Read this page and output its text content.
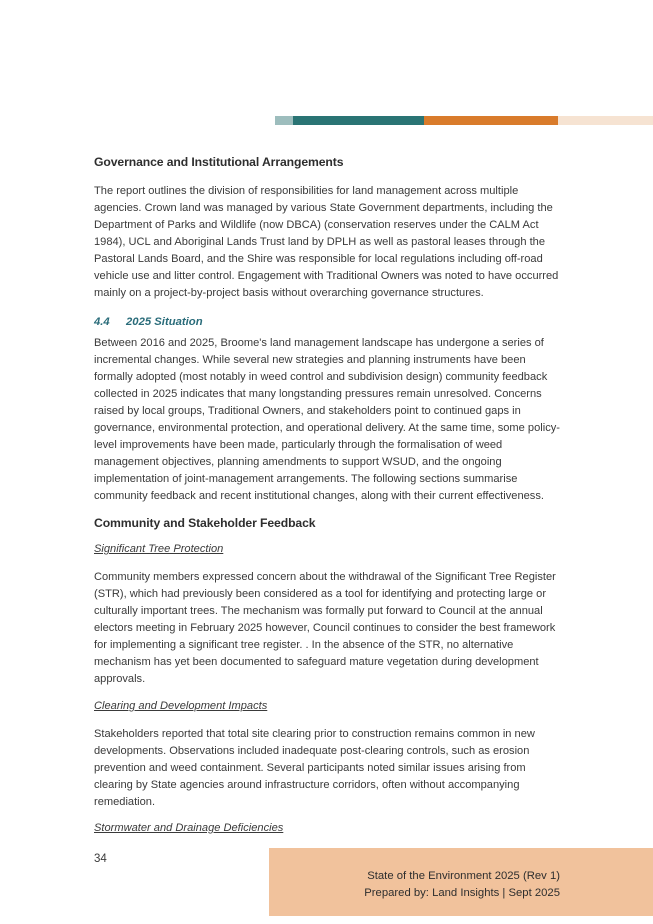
Governance and Institutional Arrangements

The report outlines the division of responsibilities for land management across multiple agencies. Crown land was managed by various State Government departments, including the Department of Parks and Wildlife (now DBCA) (conservation reserves under the CALM Act 1984), UCL and Aboriginal Lands Trust land by DPLH as well as pastoral leases through the Pastoral Lands Board, and the Shire was responsible for local regulations including off-road vehicle use and litter control. Engagement with Traditional Owners was noted to have occurred mainly on a project-by-project basis without overarching governance structures.

4.4 2025 Situation

Between 2016 and 2025, Broome's land management landscape has undergone a series of incremental changes. While several new strategies and planning instruments have been formally adopted (most notably in weed control and subdivision design) community feedback collected in 2025 indicates that many longstanding pressures remain unresolved. Concerns raised by local groups, Traditional Owners, and stakeholders point to continued gaps in governance, environmental protection, and operational delivery. At the same time, some policy-level improvements have been made, particularly through the formalisation of weed management objectives, planning amendments to support WSUD, and the ongoing implementation of joint-management arrangements. The following sections summarise community feedback and recent institutional changes, along with their current effectiveness.

Community and Stakeholder Feedback
Significant Tree Protection

Community members expressed concern about the withdrawal of the Significant Tree Register (STR), which had previously been considered as a tool for identifying and protecting large or culturally important trees. The mechanism was formally put forward to Council at the annual electors meeting in February 2025 however, Council continues to consider the best framework for implementing a significant tree register. . In the absence of the STR, no alternative mechanism has yet been documented to safeguard mature vegetation during development approvals.

Clearing and Development Impacts

Stakeholders reported that total site clearing prior to construction remains common in new developments. Observations included inadequate post-clearing controls, such as erosion prevention and weed containment. Several participants noted similar issues arising from clearing by State agencies around infrastructure corridors, often without accompanying remediation.

Stormwater and Drainage Deficiencies
34
State of the Environment 2025 (Rev 1)
Prepared by: Land Insights | Sept 2025
